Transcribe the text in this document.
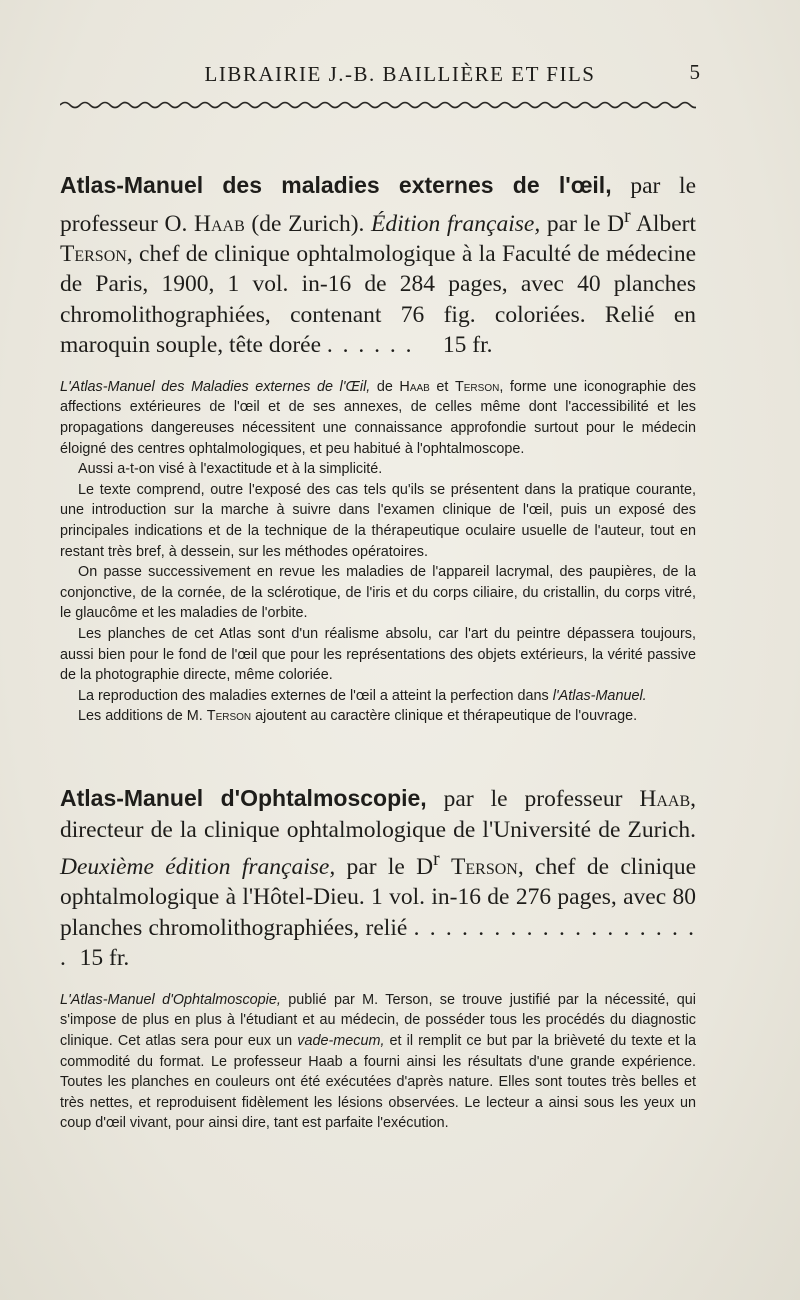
LIBRAIRIE J.-B. BAILLIÈRE ET FILS	5

Atlas-Manuel des maladies externes de l'œil, par le professeur O. Haab (de Zurich). Édition française, par le $D^r$ Albert Terson, chef de clinique ophtalmologique à la Faculté de médecine de Paris, 1900, 1 vol. in-16 de 284 pages, avec 40 planches chromolithographiées, contenant 76 fig. coloriées. Relié en maroquin souple, tête dorée . . . . . . 15 fr.

L'Atlas-Manuel des Maladies externes de l'Œil, de Haab et Terson, forme une iconographie des affections extérieures de l'œil et de ses annexes, de celles même dont l'accessibilité et les propagations dangereuses nécessitent une connaissance approfondie surtout pour le médecin éloigné des centres ophtalmologiques, et peu habitué à l'ophtalmoscope.

Aussi a-t-on visé à l'exactitude et à la simplicité.

Le texte comprend, outre l'exposé des cas tels qu'ils se présentent dans la pratique courante, une introduction sur la marche à suivre dans l'examen clinique de l'œil, puis un exposé des principales indications et de la technique de la thérapeutique oculaire usuelle de l'auteur, tout en restant très bref, à dessein, sur les méthodes opératoires.

On passe successivement en revue les maladies de l'appareil lacrymal, des paupières, de la conjonctive, de la cornée, de la sclérotique, de l'iris et du corps ciliaire, du cristallin, du corps vitré, le glaucôme et les maladies de l'orbite.

Les planches de cet Atlas sont d'un réalisme absolu, car l'art du peintre dépassera toujours, aussi bien pour le fond de l'œil que pour les représentations des objets extérieurs, la vérité passive de la photographie directe, même coloriée.

La reproduction des maladies externes de l'œil a atteint la perfection dans l'Atlas-Manuel.

Les additions de M. Terson ajoutent au caractère clinique et thérapeutique de l'ouvrage.

Atlas-Manuel d'Ophtalmoscopie, par le professeur Haab, directeur de la clinique ophtalmologique de l'Université de Zurich. Deuxième édition française, par le $D^r$ Terson, chef de clinique ophtalmologique à l'Hôtel-Dieu. 1 vol. in-16 de 276 pages, avec 80 planches chromolithographiées, relié . . . . . . . . . . . . . . . . . . . 15 fr.

L'Atlas-Manuel d'Ophtalmoscopie, publié par M. Terson, se trouve justifié par la nécessité, qui s'impose de plus en plus à l'étudiant et au médecin, de posséder tous les procédés du diagnostic clinique. Cet atlas sera pour eux un vade-mecum, et il remplit ce but par la brièveté du texte et la commodité du format. Le professeur Haab a fourni ainsi les résultats d'une grande expérience. Toutes les planches en couleurs ont été exécutées d'après nature. Elles sont toutes très belles et très nettes, et reproduisent fidèlement les lésions observées. Le lecteur a ainsi sous les yeux un coup d'œil vivant, pour ainsi dire, tant est parfaite l'exécution.
